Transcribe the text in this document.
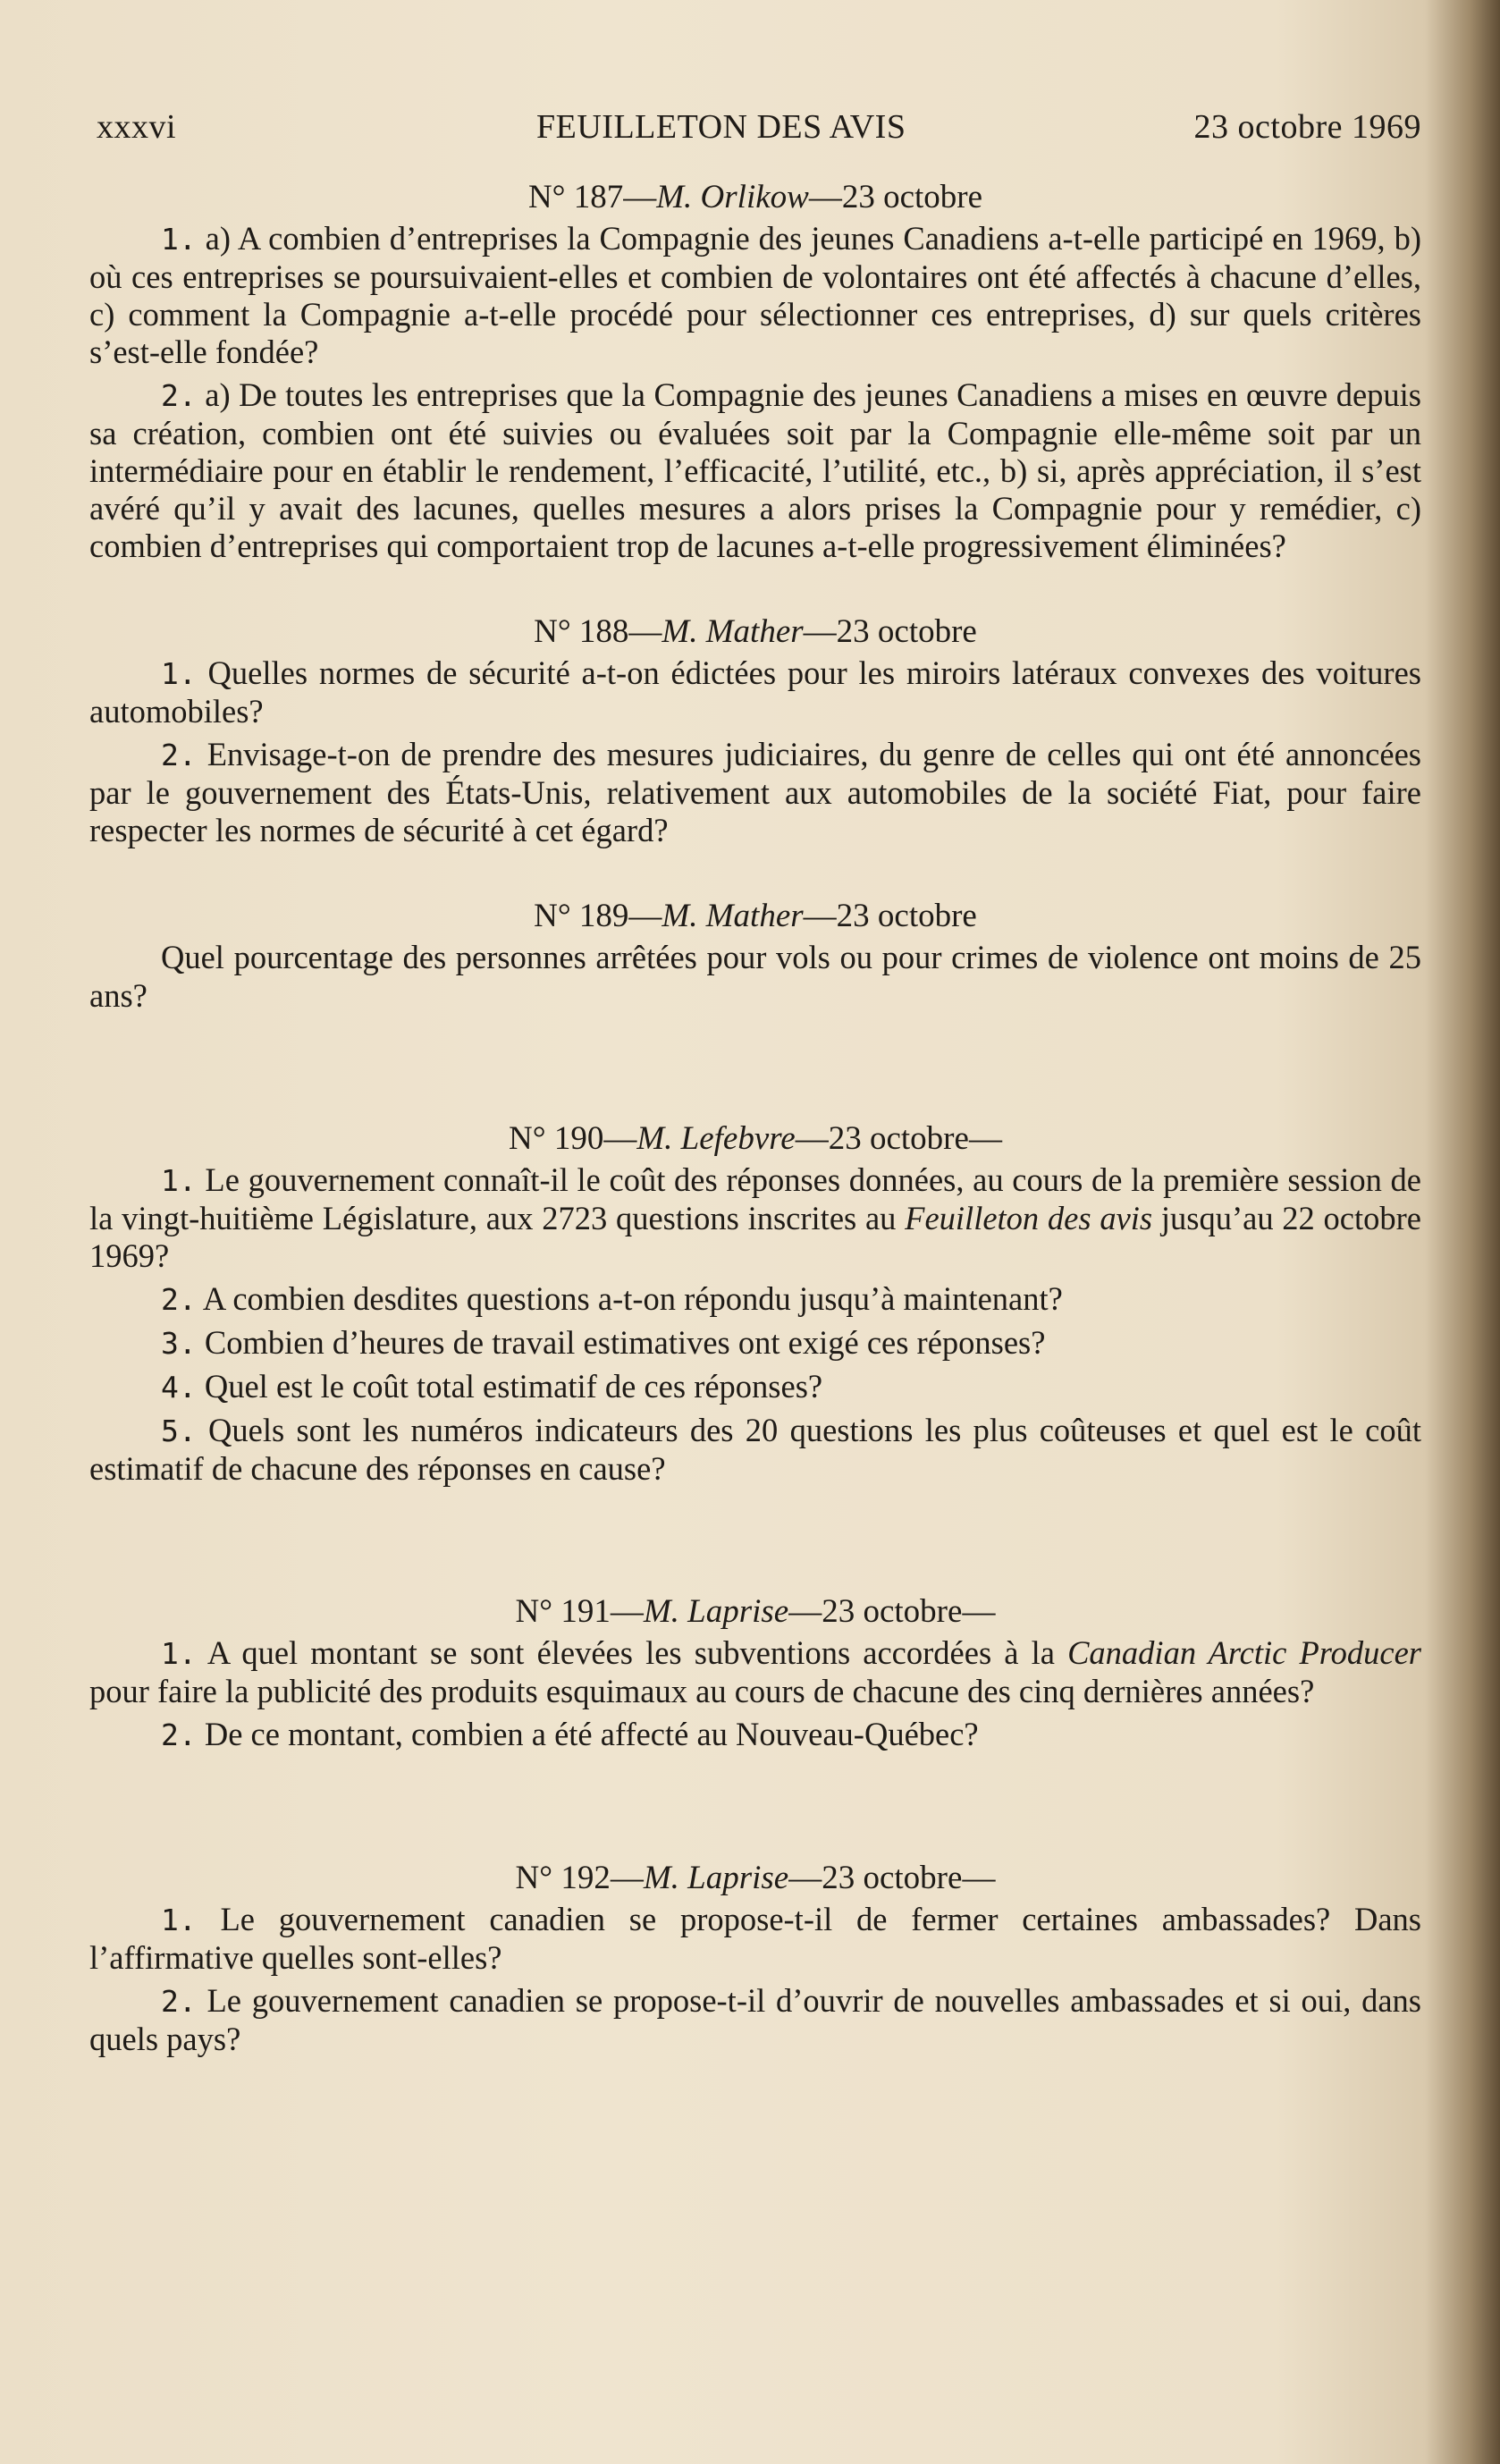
xxxvi	FEUILLETON DES AVIS	23 octobre 1969
N° 187—M. Orlikow—23 octobre

1. a) A combien d’entreprises la Compagnie des jeunes Canadiens a-t-elle participé en 1969, b) où ces entreprises se poursuivaient-elles et combien de volontaires ont été affectés à chacune d’elles, c) comment la Compagnie a-t-elle procédé pour sélectionner ces entreprises, d) sur quels critères s’est-elle fondée?

2. a) De toutes les entreprises que la Compagnie des jeunes Canadiens a mises en œuvre depuis sa création, combien ont été suivies ou évaluées soit par la Compagnie elle-même soit par un intermédiaire pour en établir le rendement, l’efficacité, l’utilité, etc., b) si, après appréciation, il s’est avéré qu’il y avait des lacunes, quelles mesures a alors prises la Compagnie pour y remédier, c) combien d’entreprises qui comportaient trop de lacunes a-t-elle progressivement éliminées?

N° 188—M. Mather—23 octobre

1. Quelles normes de sécurité a-t-on édictées pour les miroirs latéraux convexes des voitures automobiles?

2. Envisage-t-on de prendre des mesures judiciaires, du genre de celles qui ont été annoncées par le gouvernement des États-Unis, relativement aux automobiles de la société Fiat, pour faire respecter les normes de sécurité à cet égard?

N° 189—M. Mather—23 octobre

Quel pourcentage des personnes arrêtées pour vols ou pour crimes de violence ont moins de 25 ans?

N° 190—M. Lefebvre—23 octobre—

1. Le gouvernement connaît-il le coût des réponses données, au cours de la première session de la vingt-huitième Législature, aux 2723 questions inscrites au Feuilleton des avis jusqu’au 22 octobre 1969?

2. A combien desdites questions a-t-on répondu jusqu’à maintenant?

3. Combien d’heures de travail estimatives ont exigé ces réponses?

4. Quel est le coût total estimatif de ces réponses?

5. Quels sont les numéros indicateurs des 20 questions les plus coûteuses et quel est le coût estimatif de chacune des réponses en cause?

N° 191—M. Laprise—23 octobre—

1. A quel montant se sont élevées les subventions accordées à la Canadian Arctic Producer pour faire la publicité des produits esquimaux au cours de chacune des cinq dernières années?

2. De ce montant, combien a été affecté au Nouveau-Québec?

N° 192—M. Laprise—23 octobre—

1. Le gouvernement canadien se propose-t-il de fermer certaines ambassades? Dans l’affirmative quelles sont-elles?

2. Le gouvernement canadien se propose-t-il d’ouvrir de nouvelles ambassades et si oui, dans quels pays?
